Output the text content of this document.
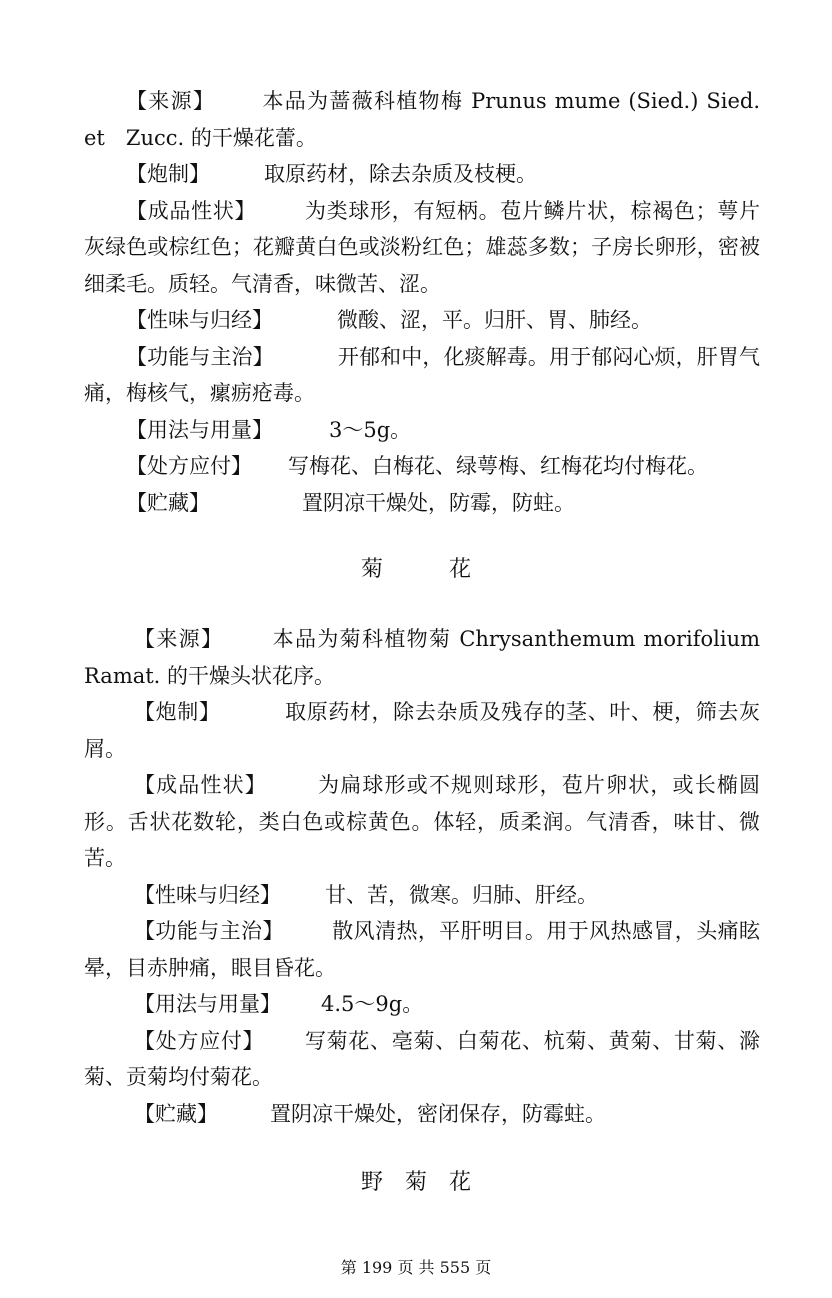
【来源】 本品为蔷薇科植物梅 Prunus mume (Sied.) Sied. et　Zucc. 的干燥花蕾。

【炮制】	取原药材，除去杂质及枝梗。

【成品性状】 为类球形，有短柄。苞片鳞片状，棕褐色；萼片灰绿色或棕红色；花瓣黄白色或淡粉红色；雄蕊多数；子房长卵形，密被细柔毛。质轻。气清香，味微苦、涩。

【性味与归经】	微酸、涩，平。归肝、胃、肺经。

【功能与主治】	开郁和中，化痰解毒。用于郁闷心烦，肝胃气痛，梅核气，瘰疬疮毒。

【用法与用量】	3～5g。

【处方应付】 写梅花、白梅花、绿萼梅、红梅花均付梅花。

【贮藏】	置阴凉干燥处，防霉，防蛀。

菊　　　花

【来源】 本品为菊科植物菊 Chrysanthemum morifolium Ramat. 的干燥头状花序。

【炮制】	取原药材，除去杂质及残存的茎、叶、梗，筛去灰屑。

【成品性状】 为扁球形或不规则球形，苞片卵状，或长椭圆形。舌状花数轮，类白色或棕黄色。体轻，质柔润。气清香，味甘、微苦。

【性味与归经】 甘、苦，微寒。归肺、肝经。

【功能与主治】 散风清热，平肝明目。用于风热感冒，头痛眩晕，目赤肿痛，眼目昏花。

【用法与用量】 4.5～9g。

【处方应付】 写菊花、亳菊、白菊花、杭菊、黄菊、甘菊、滁菊、贡菊均付菊花。

【贮藏】 置阴凉干燥处，密闭保存，防霉蛀。

野　菊　花
第 199 页 共 555 页
